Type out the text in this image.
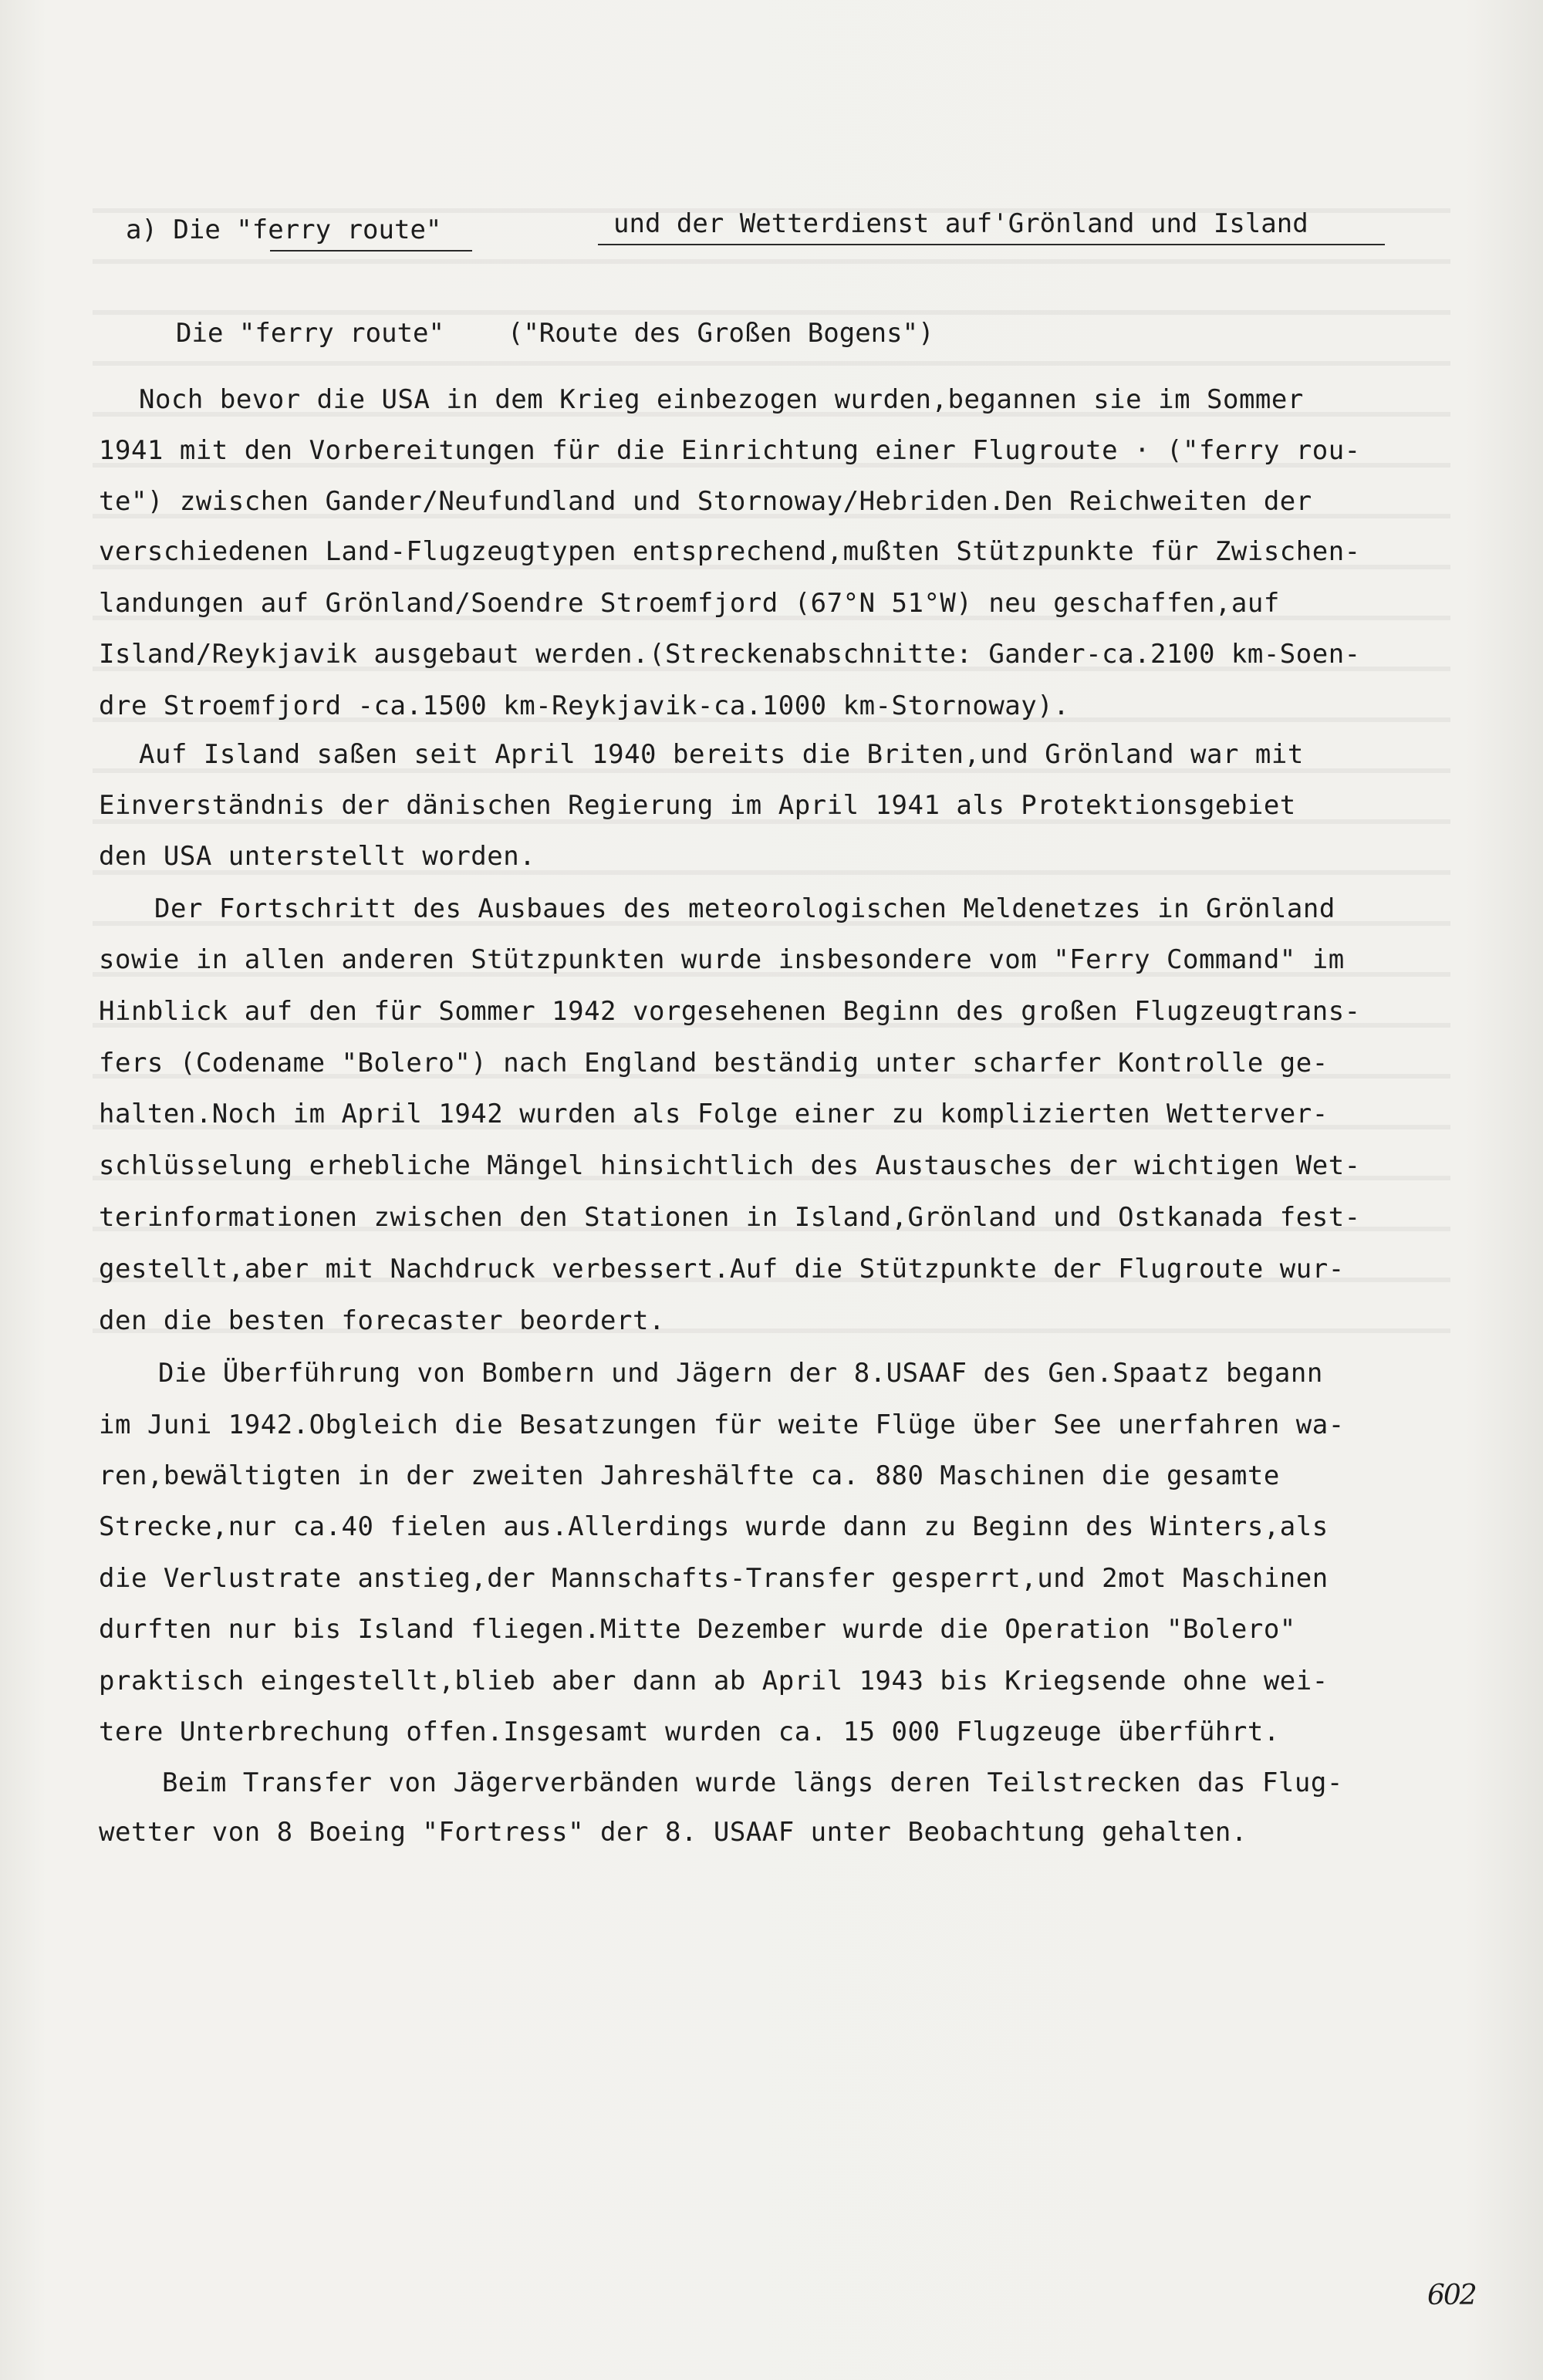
a) Die "ferry route"	und der Wetterdienst auf'Grönland und Island
Die "ferry route"    ("Route des Großen Bogens")
Noch bevor die USA in dem Krieg einbezogen wurden,begannen sie im Sommer
1941 mit den Vorbereitungen für die Einrichtung einer Flugroute · ("ferry rou-
te") zwischen Gander/Neufundland und Stornoway/Hebriden.Den Reichweiten der
verschiedenen Land-Flugzeugtypen entsprechend,mußten Stützpunkte für Zwischen-
landungen auf Grönland/Soendre Stroemfjord (67°N 51°W) neu geschaffen,auf
Island/Reykjavik ausgebaut werden.(Streckenabschnitte: Gander-ca.2100 km-Soen-
dre Stroemfjord -ca.1500 km-Reykjavik-ca.1000 km-Stornoway).
Auf Island saßen seit April 1940 bereits die Briten,und Grönland war mit
Einverständnis der dänischen Regierung im April 1941 als Protektionsgebiet
den USA unterstellt worden.
Der Fortschritt des Ausbaues des meteorologischen Meldenetzes in Grönland
sowie in allen anderen Stützpunkten wurde insbesondere vom "Ferry Command" im
Hinblick auf den für Sommer 1942 vorgesehenen Beginn des großen Flugzeugtrans-
fers (Codename "Bolero") nach England beständig unter scharfer Kontrolle ge-
halten.Noch im April 1942 wurden als Folge einer zu komplizierten Wetterver-
schlüsselung erhebliche Mängel hinsichtlich des Austausches der wichtigen Wet-
terinformationen zwischen den Stationen in Island,Grönland und Ostkanada fest-
gestellt,aber mit Nachdruck verbessert.Auf die Stützpunkte der Flugroute wur-
den die besten forecaster beordert.
Die Überführung von Bombern und Jägern der 8.USAAF des Gen.Spaatz begann
im Juni 1942.Obgleich die Besatzungen für weite Flüge über See unerfahren wa-
ren,bewältigten in der zweiten Jahreshälfte ca. 880 Maschinen die gesamte
Strecke,nur ca.40 fielen aus.Allerdings wurde dann zu Beginn des Winters,als
die Verlustrate anstieg,der Mannschafts-Transfer gesperrt,und 2mot Maschinen
durften nur bis Island fliegen.Mitte Dezember wurde die Operation "Bolero"
praktisch eingestellt,blieb aber dann ab April 1943 bis Kriegsende ohne wei-
tere Unterbrechung offen.Insgesamt wurden ca. 15 000 Flugzeuge überführt.
Beim Transfer von Jägerverbänden wurde längs deren Teilstrecken das Flug-
wetter von 8 Boeing "Fortress" der 8. USAAF unter Beobachtung gehalten.
602
